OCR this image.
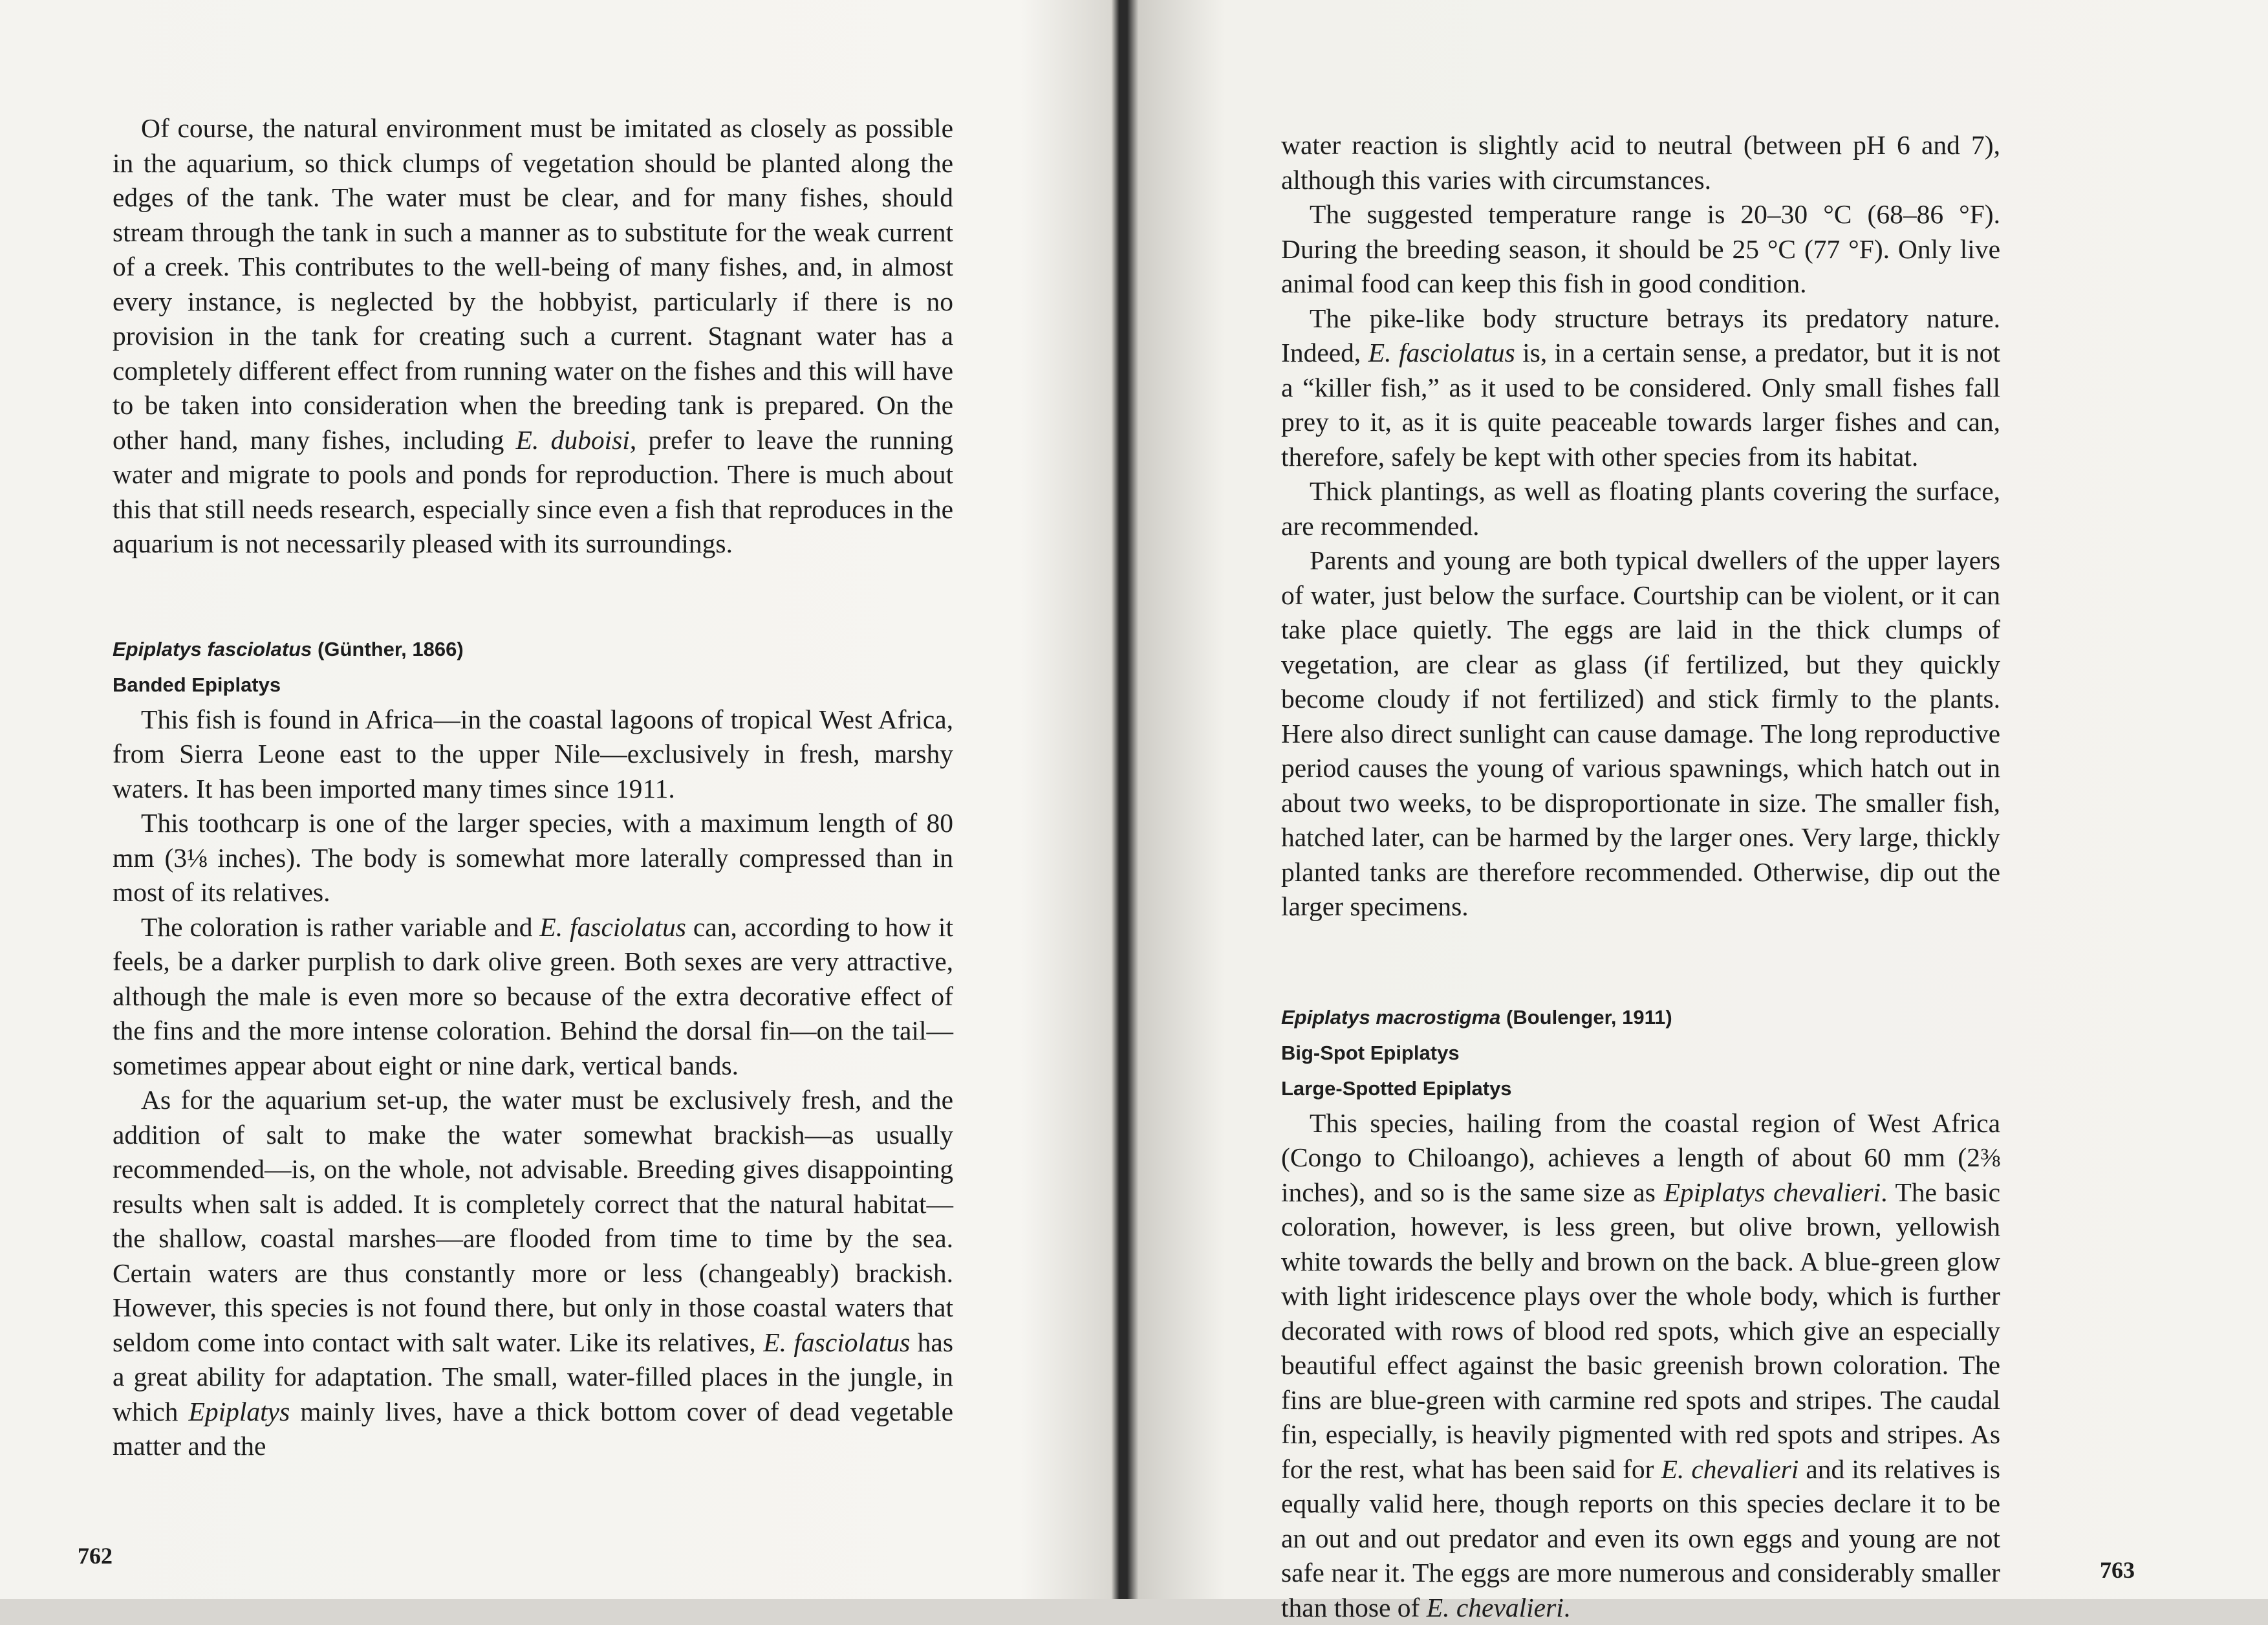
Of course, the natural environment must be imitated as closely as possible in the aquarium, so thick clumps of vegetation should be planted along the edges of the tank. The water must be clear, and for many fishes, should stream through the tank in such a manner as to substitute for the weak current of a creek. This contributes to the well-being of many fishes, and, in almost every instance, is neglected by the hobbyist, particularly if there is no provision in the tank for creating such a current. Stagnant water has a completely different effect from running water on the fishes and this will have to be taken into consideration when the breeding tank is prepared. On the other hand, many fishes, including E. duboisi, prefer to leave the running water and migrate to pools and ponds for reproduction. There is much about this that still needs research, especially since even a fish that reproduces in the aquarium is not necessarily pleased with its surroundings.

Epiplatys fasciolatus (Günther, 1866)

Banded Epiplatys

This fish is found in Africa—in the coastal lagoons of tropical West Africa, from Sierra Leone east to the upper Nile—exclusively in fresh, marshy waters. It has been imported many times since 1911.

This toothcarp is one of the larger species, with a maximum length of 80 mm (3⅛ inches). The body is somewhat more laterally compressed than in most of its relatives.

The coloration is rather variable and E. fasciolatus can, according to how it feels, be a darker purplish to dark olive green. Both sexes are very attractive, although the male is even more so because of the extra decorative effect of the fins and the more intense coloration. Behind the dorsal fin—on the tail—sometimes appear about eight or nine dark, vertical bands.

As for the aquarium set-up, the water must be exclusively fresh, and the addition of salt to make the water somewhat brackish—as usually recommended—is, on the whole, not advisable. Breeding gives disappointing results when salt is added. It is completely correct that the natural habitat—the shallow, coastal marshes—are flooded from time to time by the sea. Certain waters are thus constantly more or less (changeably) brackish. However, this species is not found there, but only in those coastal waters that seldom come into contact with salt water. Like its relatives, E. fasciolatus has a great ability for adaptation. The small, water-filled places in the jungle, in which Epiplatys mainly lives, have a thick bottom cover of dead vegetable matter and the

762

water reaction is slightly acid to neutral (between pH 6 and 7), although this varies with circumstances.

The suggested temperature range is 20–30 °C (68–86 °F). During the breeding season, it should be 25 °C (77 °F). Only live animal food can keep this fish in good condition.

The pike-like body structure betrays its predatory nature. Indeed, E. fasciolatus is, in a certain sense, a predator, but it is not a “killer fish,” as it used to be considered. Only small fishes fall prey to it, as it is quite peaceable towards larger fishes and can, therefore, safely be kept with other species from its habitat.

Thick plantings, as well as floating plants covering the surface, are recommended.

Parents and young are both typical dwellers of the upper layers of water, just below the surface. Courtship can be violent, or it can take place quietly. The eggs are laid in the thick clumps of vegetation, are clear as glass (if fertilized, but they quickly become cloudy if not fertilized) and stick firmly to the plants. Here also direct sunlight can cause damage. The long reproductive period causes the young of various spawnings, which hatch out in about two weeks, to be disproportionate in size. The smaller fish, hatched later, can be harmed by the larger ones. Very large, thickly planted tanks are therefore recommended. Otherwise, dip out the larger specimens.

Epiplatys macrostigma (Boulenger, 1911)

Big-Spot Epiplatys

Large-Spotted Epiplatys

This species, hailing from the coastal region of West Africa (Congo to Chiloango), achieves a length of about 60 mm (2⅜ inches), and so is the same size as Epiplatys chevalieri. The basic coloration, however, is less green, but olive brown, yellowish white towards the belly and brown on the back. A blue-green glow with light iridescence plays over the whole body, which is further decorated with rows of blood red spots, which give an especially beautiful effect against the basic greenish brown coloration. The fins are blue-green with carmine red spots and stripes. The caudal fin, especially, is heavily pigmented with red spots and stripes. As for the rest, what has been said for E. chevalieri and its relatives is equally valid here, though reports on this species declare it to be an out and out predator and even its own eggs and young are not safe near it. The eggs are more numerous and considerably smaller than those of E. chevalieri.

763
